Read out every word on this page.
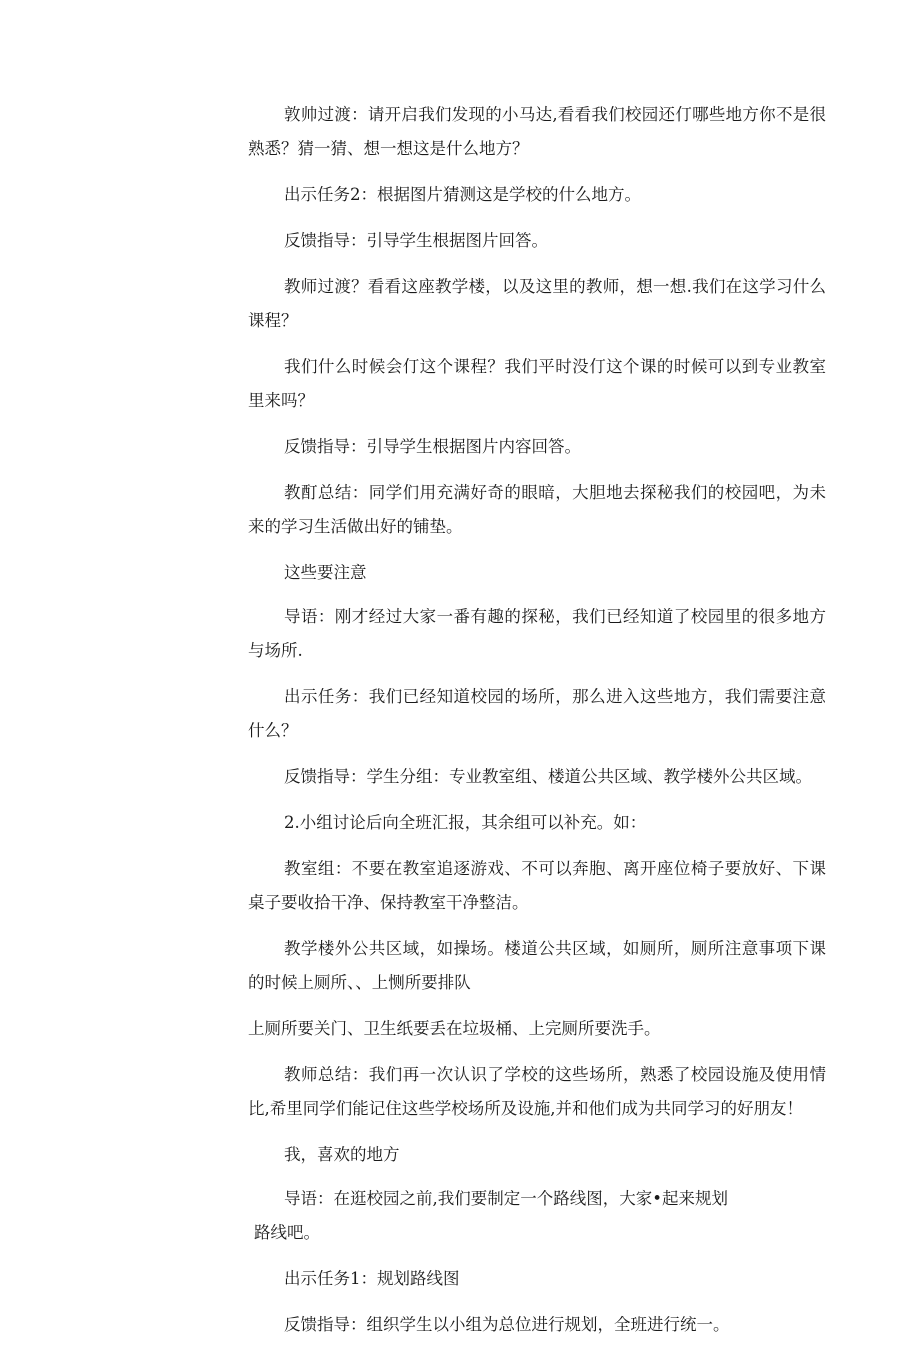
敦帅过渡：请开启我们发现的小马达,看看我们校园还仃哪些地方你不是很熟悉？猜一猜、想一想这是什么地方？

出示任务2：根据图片猜测这是学校的什么地方。

反馈指导：引导学生根据图片回答。

教师过渡？看看这座教学楼，以及这里的教师，想一想.我们在这学习什么课程？

我们什么时候会仃这个课程？我们平时没仃这个课的时候可以到专业教室里来吗？

反馈指导：引导学生根据图片内容回答。

教酊总结：同学们用充满好奇的眼暗，大胆地去探秘我们的校园吧，为未来的学习生活做出好的铺垫。

这些要注意

导语：刚才经过大家一番有趣的探秘，我们已经知道了校园里的很多地方与场所.

出示任务：我们已经知道校园的场所，那么进入这些地方，我们需要注意什么？

反馈指导：学生分组：专业教室组、楼道公共区域、教学楼外公共区域。

2.小组讨论后向全班汇报，其余组可以补充。如：

教室组：不要在教室追逐游戏、不可以奔胞、离开座位椅子要放好、下课桌子要收拾干净、保持教室干净整洁。

教学楼外公共区域，如操场。楼道公共区域，如厕所，厕所注意事项下课的时候上厕所、、上恻所要排队

上厕所要关门、卫生纸要丢在垃圾桶、上完厕所要洗手。

教师总结：我们再一次认识了学校的这些场所，熟悉了校园设施及使用情比,希里同学们能记住这些学校场所及设施,并和他们成为共同学习的好朋友！

我，喜欢的地方

导语：在逛校园之前,我们要制定一个路线图，大家•起来规划

路线吧。

出示任务1：规划路线图

反馈指导：组织学生以小组为总位进行规划，全班进行统一。
